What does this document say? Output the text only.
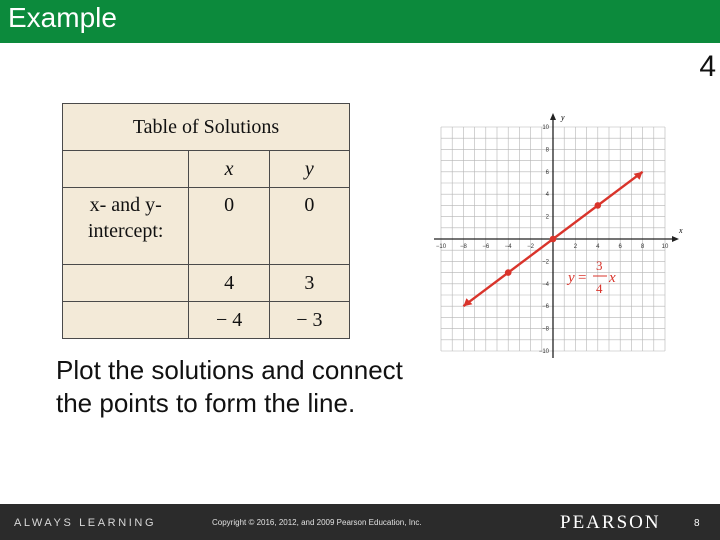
Example
4
Table of Solutions		
	x	y
x- and y-intercept:	0	0

	4	3
	− 4	− 3
Plot the solutions and connect the points to form the line.
x
y
−10 −8	−6	−4	−2	2	4	6	8	10
10
8
6
4
2
−2
−4
−6
−8
−10
y =
3
4
x
ALWAYS LEARNING	Copyright © 2016, 2012, and 2009 Pearson Education, Inc.	PEARSON	8
